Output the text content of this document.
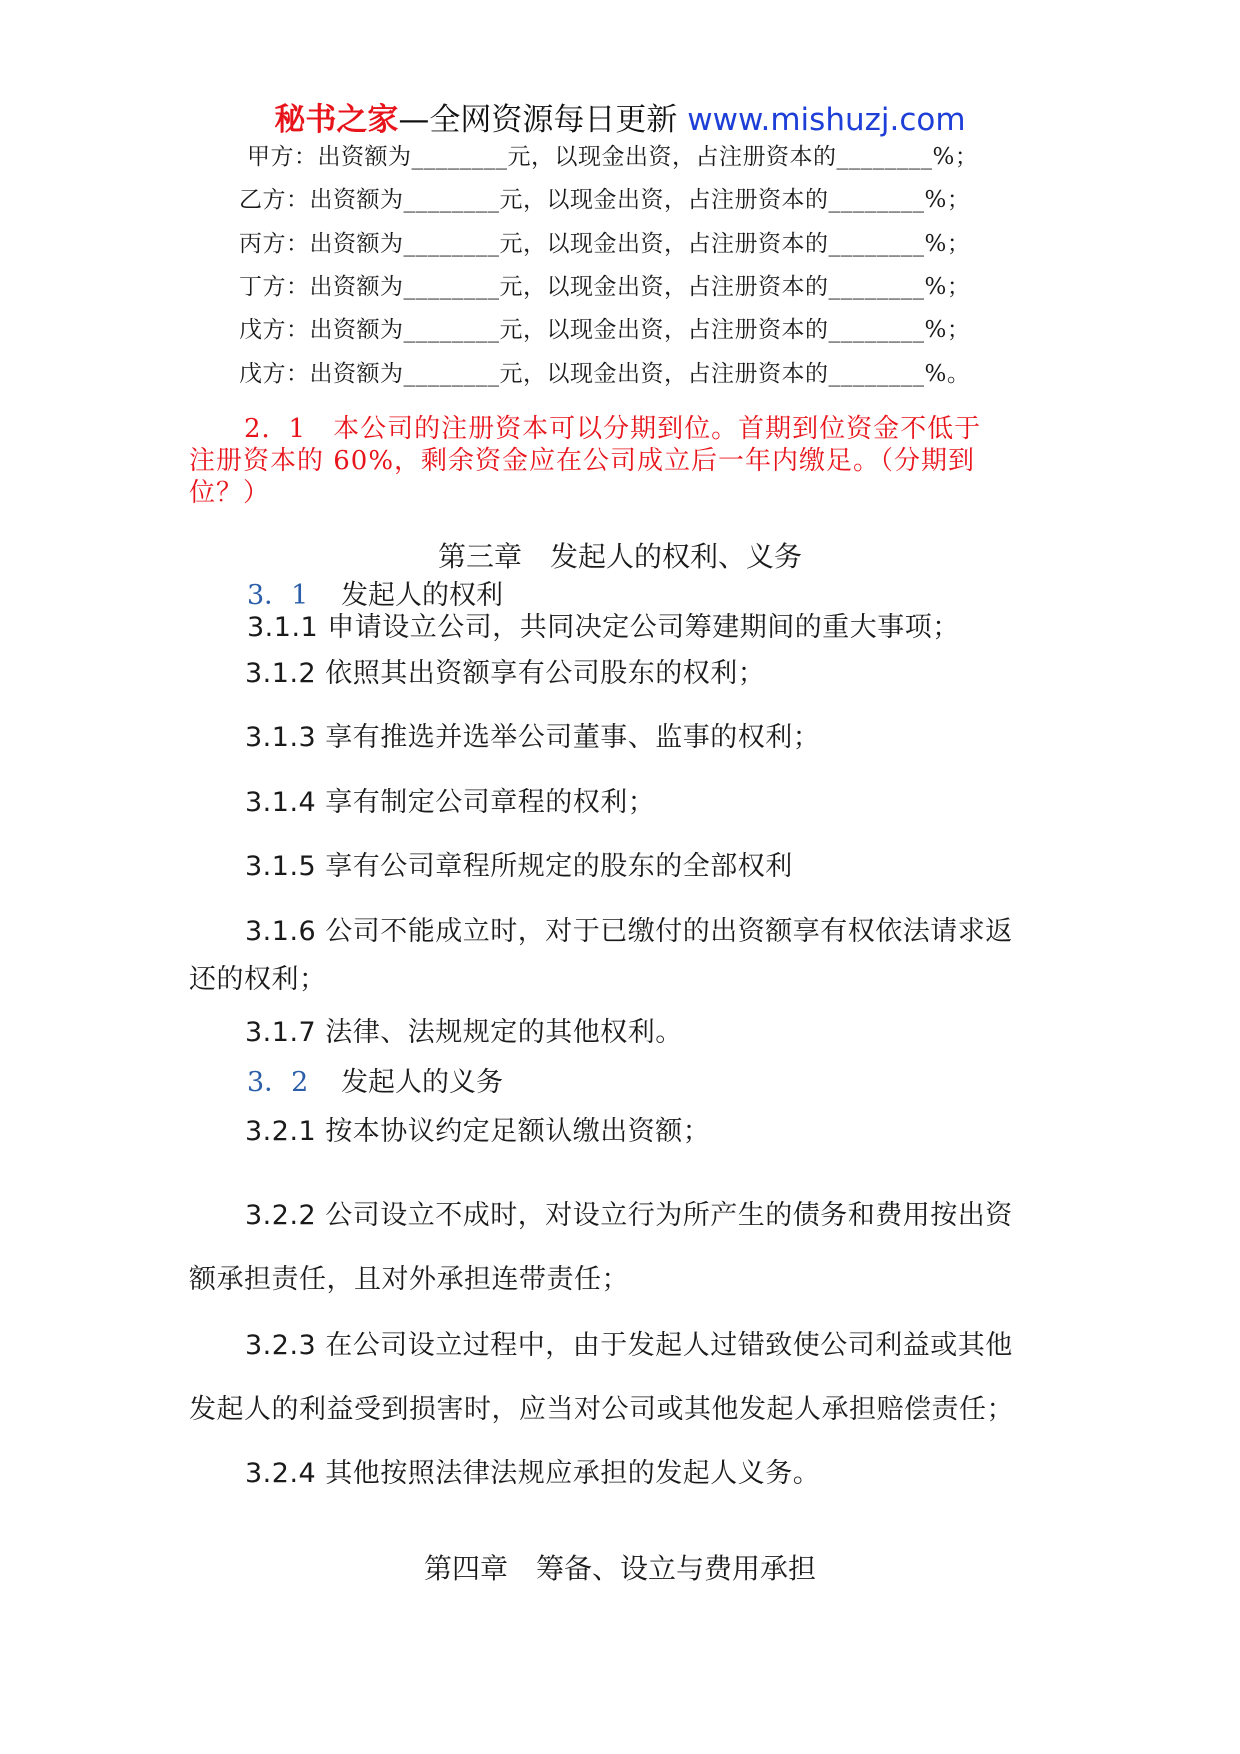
秘书之家—全网资源每日更新 www.mishuzj.com
甲方：出资额为________元，以现金出资，占注册资本的________%；
乙方：出资额为________元，以现金出资，占注册资本的________%；
丙方：出资额为________元，以现金出资，占注册资本的________%；
丁方：出资额为________元，以现金出资，占注册资本的________%；
戊方：出资额为________元，以现金出资，占注册资本的________%；
戊方：出资额为________元，以现金出资，占注册资本的________%。
2．1　本公司的注册资本可以分期到位。首期到位资金不低于
注册资本的 60%，剩余资金应在公司成立后一年内缴足。（分期到
位？）
第三章　发起人的权利、义务
3．1 发起人的权利
3.1.1 申请设立公司，共同决定公司筹建期间的重大事项；
3.1.2 依照其出资额享有公司股东的权利；
3.1.3 享有推选并选举公司董事、监事的权利；
3.1.4 享有制定公司章程的权利；
3.1.5 享有公司章程所规定的股东的全部权利
3.1.6 公司不能成立时，对于已缴付的出资额享有权依法请求返
还的权利；
3.1.7 法律、法规规定的其他权利。
3．2 发起人的义务
3.2.1 按本协议约定足额认缴出资额；
3.2.2 公司设立不成时，对设立行为所产生的债务和费用按出资
额承担责任，且对外承担连带责任；
3.2.3 在公司设立过程中，由于发起人过错致使公司利益或其他
发起人的利益受到损害时，应当对公司或其他发起人承担赔偿责任；
3.2.4 其他按照法律法规应承担的发起人义务。
第四章　筹备、设立与费用承担
